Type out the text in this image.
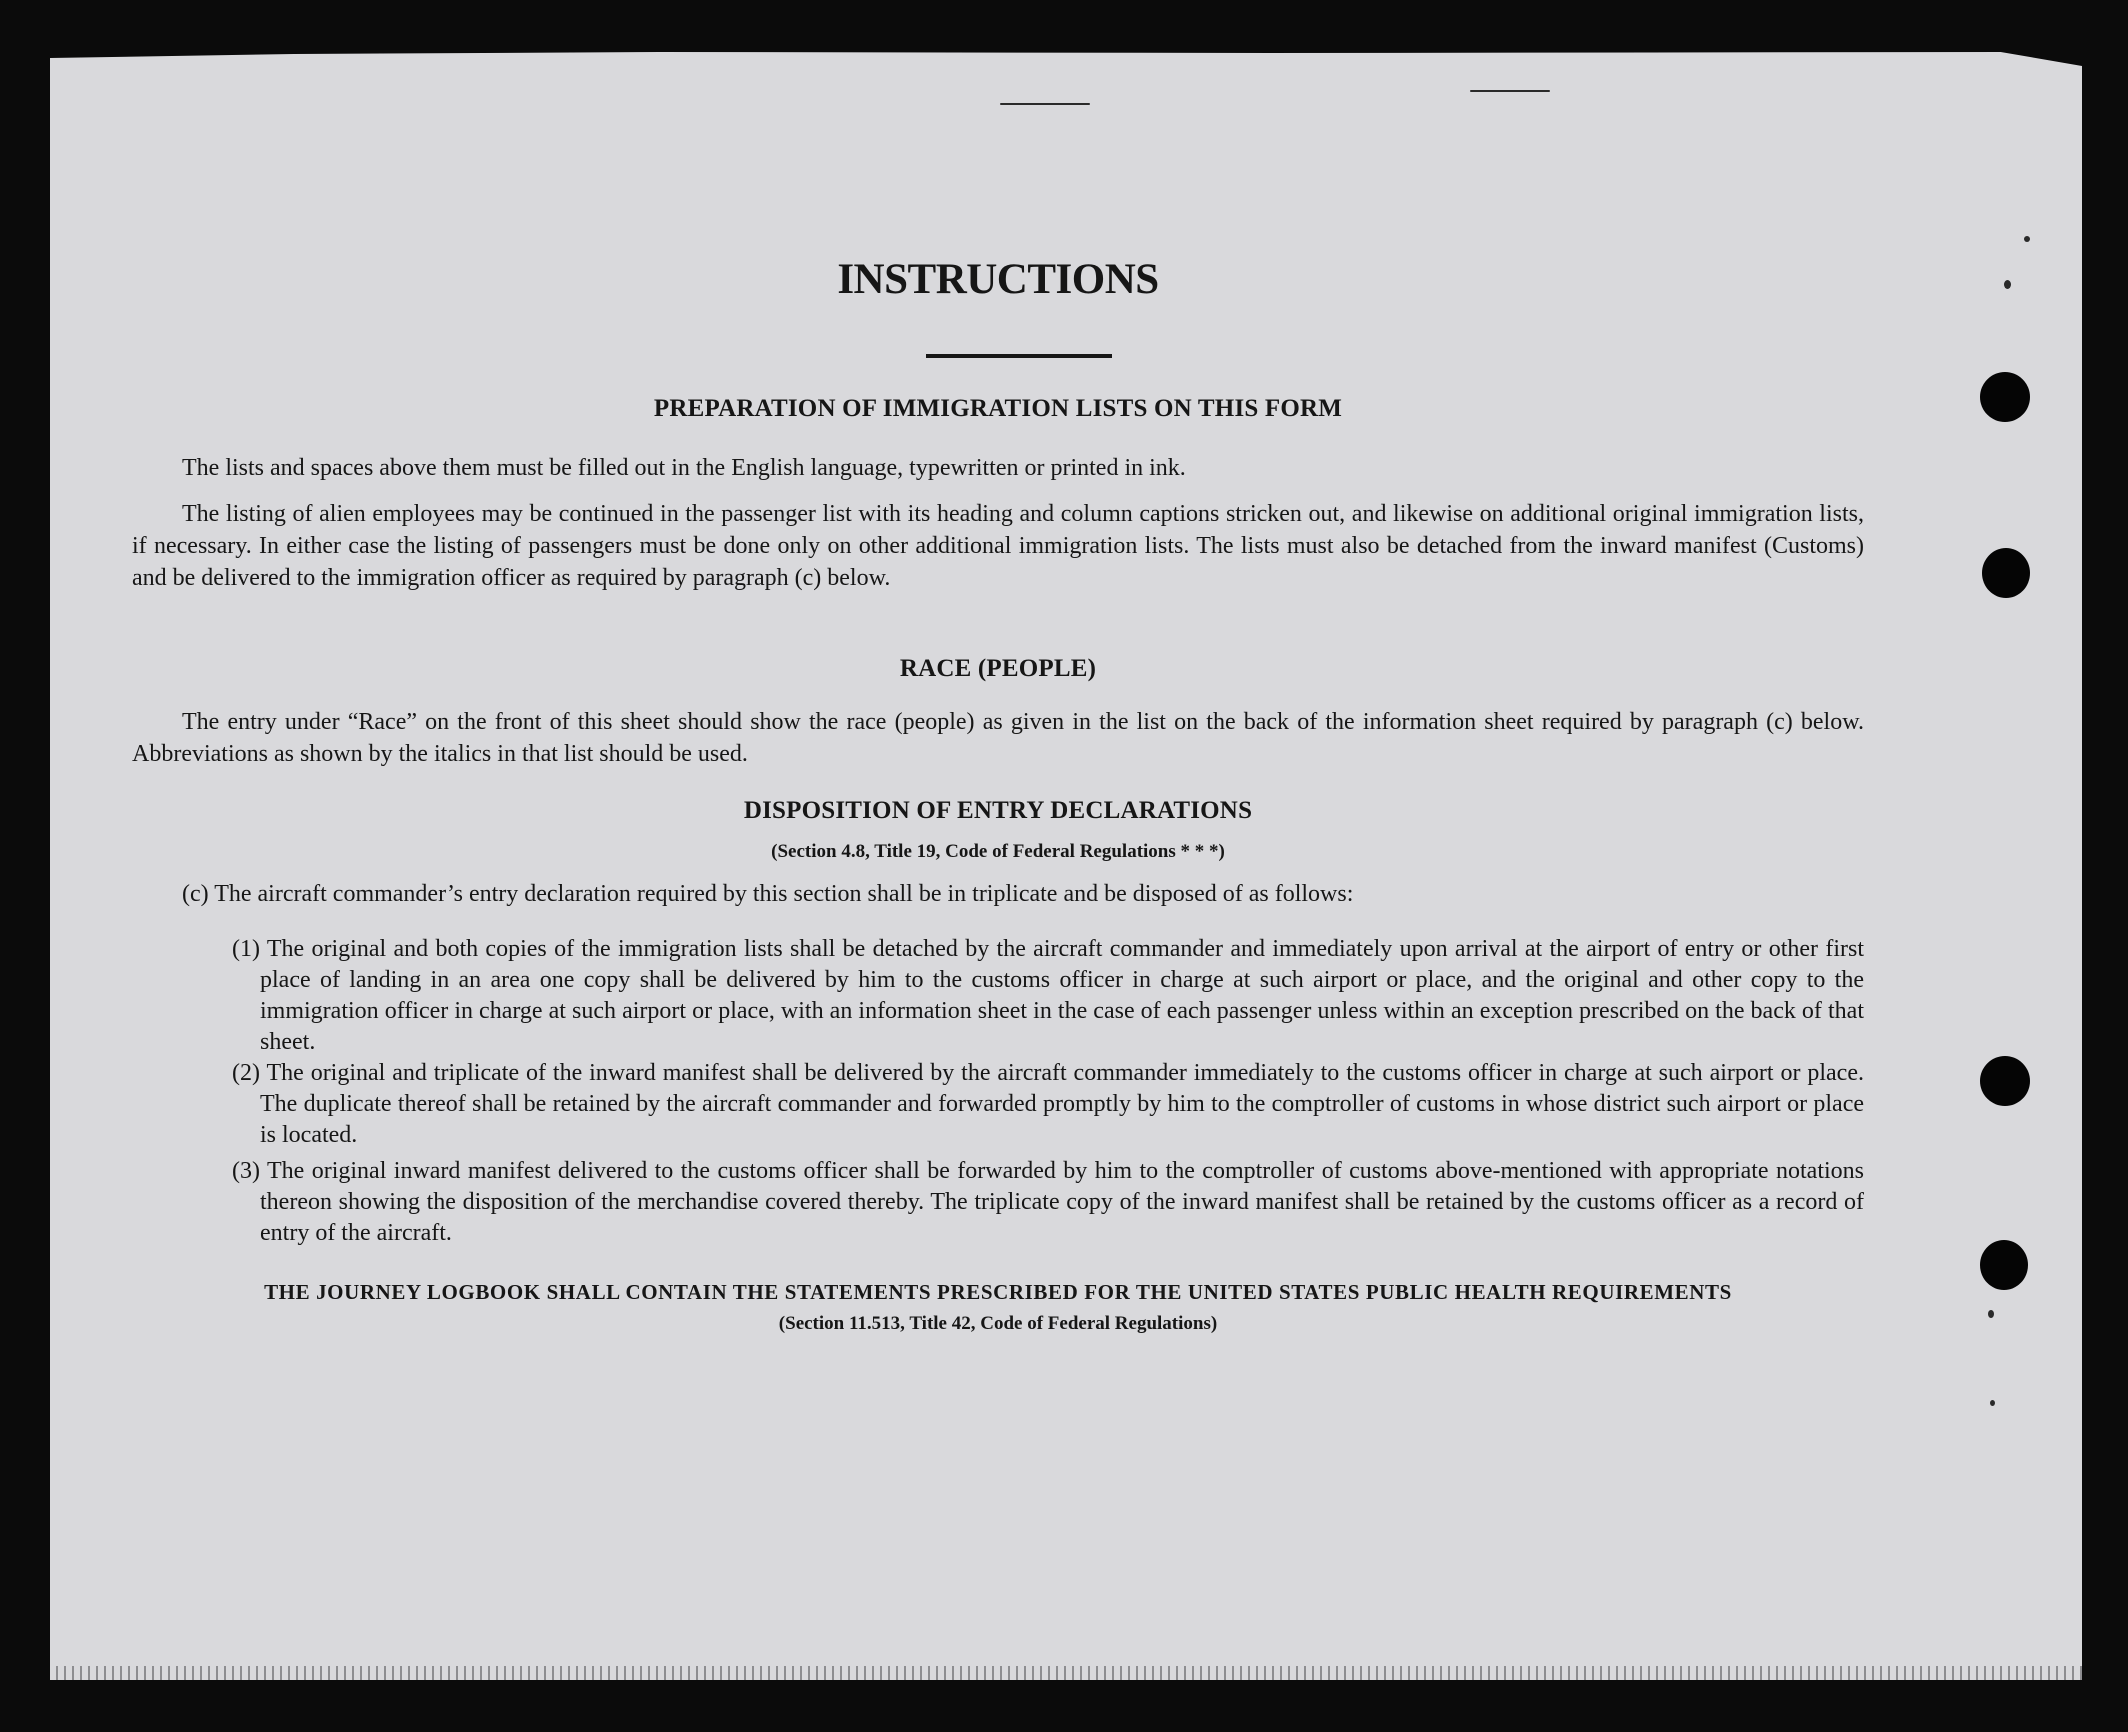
INSTRUCTIONS
PREPARATION OF IMMIGRATION LISTS ON THIS FORM

The lists and spaces above them must be filled out in the English language, typewritten or printed in ink.

The listing of alien employees may be continued in the passenger list with its heading and column captions stricken out, and likewise on additional original immigration lists, if necessary. In either case the listing of passengers must be done only on other additional immigration lists. The lists must also be detached from the inward manifest (Customs) and be delivered to the immigration officer as required by paragraph (c) below.

RACE (PEOPLE)

The entry under “Race” on the front of this sheet should show the race (people) as given in the list on the back of the information sheet required by paragraph (c) below. Abbreviations as shown by the italics in that list should be used.

DISPOSITION OF ENTRY DECLARATIONS

(Section 4.8, Title 19, Code of Federal Regulations * * *)

(c) The aircraft commander’s entry declaration required by this section shall be in triplicate and be disposed of as follows:

(1) The original and both copies of the immigration lists shall be detached by the aircraft commander and immediately upon arrival at the airport of entry or other first place of landing in an area one copy shall be delivered by him to the customs officer in charge at such airport or place, and the original and other copy to the immigration officer in charge at such airport or place, with an information sheet in the case of each passenger unless within an exception prescribed on the back of that sheet.

(2) The original and triplicate of the inward manifest shall be delivered by the aircraft commander immediately to the customs officer in charge at such airport or place. The duplicate thereof shall be retained by the aircraft commander and forwarded promptly by him to the comptroller of customs in whose district such airport or place is located.

(3) The original inward manifest delivered to the customs officer shall be forwarded by him to the comptroller of customs above-mentioned with appropriate notations thereon showing the disposition of the merchandise covered thereby. The triplicate copy of the inward manifest shall be retained by the customs officer as a record of entry of the aircraft.

THE JOURNEY LOGBOOK SHALL CONTAIN THE STATEMENTS PRESCRIBED FOR THE UNITED STATES PUBLIC HEALTH REQUIREMENTS

(Section 11.513, Title 42, Code of Federal Regulations)
